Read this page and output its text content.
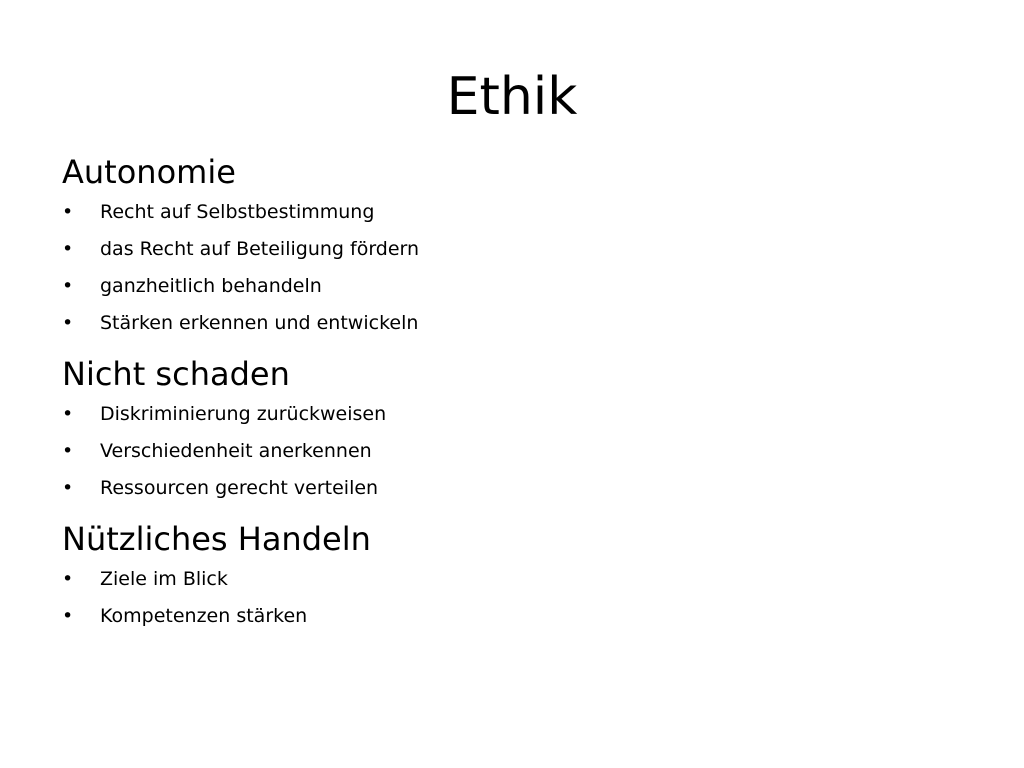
Ethik
Autonomie
• Recht auf Selbstbestimmung
• das Recht auf Beteiligung fördern
• ganzheitlich behandeln
• Stärken erkennen und entwickeln
Nicht schaden
• Diskriminierung zurückweisen
• Verschiedenheit anerkennen
• Ressourcen gerecht verteilen
Nützliches Handeln
• Ziele im Blick
• Kompetenzen stärken
